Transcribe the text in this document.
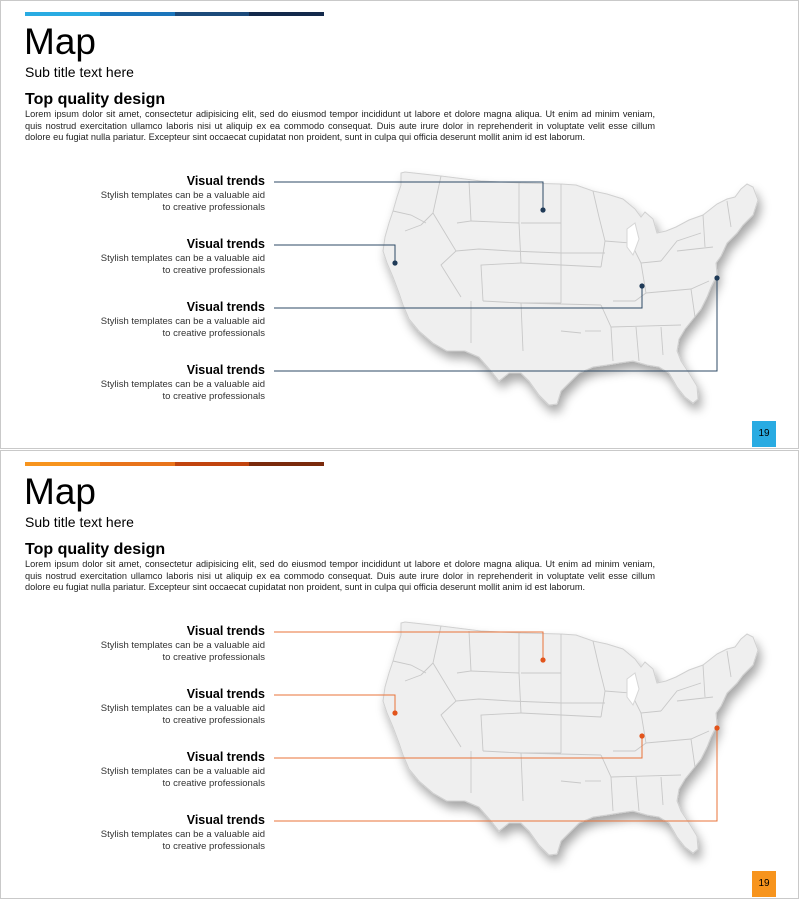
Map
Sub title text here
Top quality design

Lorem ipsum dolor sit amet, consectetur adipisicing elit, sed do eiusmod tempor incididunt ut labore et dolore magna aliqua. Ut enim ad minim veniam, quis nostrud exercitation ullamco laboris nisi ut aliquip ex ea commodo consequat. Duis aute irure dolor in reprehenderit in voluptate velit esse cillum dolore eu fugiat nulla pariatur. Excepteur sint occaecat cupidatat non proident, sunt in culpa qui officia deserunt mollit anim id est laborum.

Visual trends
Stylish templates can be a valuable aid
to creative professionals
Visual trends
Stylish templates can be a valuable aid
to creative professionals
Visual trends
Stylish templates can be a valuable aid
to creative professionals
Visual trends
Stylish templates can be a valuable aid
to creative professionals
19
Map
Sub title text here
Top quality design

Lorem ipsum dolor sit amet, consectetur adipisicing elit, sed do eiusmod tempor incididunt ut labore et dolore magna aliqua. Ut enim ad minim veniam, quis nostrud exercitation ullamco laboris nisi ut aliquip ex ea commodo consequat. Duis aute irure dolor in reprehenderit in voluptate velit esse cillum dolore eu fugiat nulla pariatur. Excepteur sint occaecat cupidatat non proident, sunt in culpa qui officia deserunt mollit anim id est laborum.

Visual trends
Stylish templates can be a valuable aid
to creative professionals
Visual trends
Stylish templates can be a valuable aid
to creative professionals
Visual trends
Stylish templates can be a valuable aid
to creative professionals
Visual trends
Stylish templates can be a valuable aid
to creative professionals
19
